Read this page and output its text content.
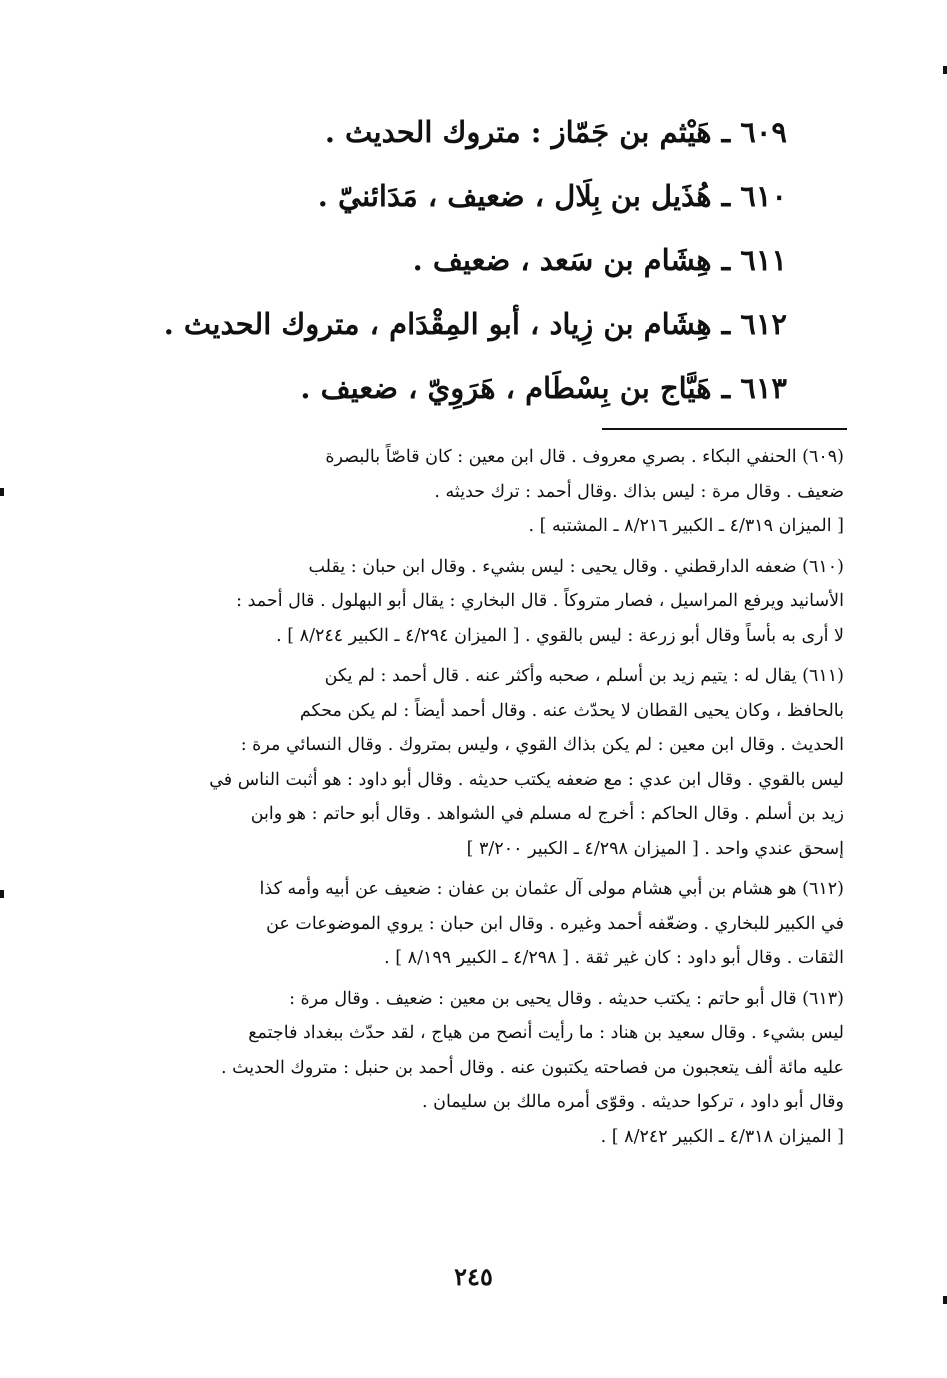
٦٠٩ ـ هَيْثم بن جَمّاز : متروك الحديث .
٦١٠ ـ هُذَيل بن بِلَال ، ضعيف ، مَدَائنيّ .
٦١١ ـ هِشَام بن سَعد ، ضعيف .
٦١٢ ـ هِشَام بن زِياد ، أبو المِقْدَام ، متروك الحديث .
٦١٣ ـ هَيَّاج بن بِسْطَام ، هَرَوِيّ ، ضعيف .

(٦٠٩) الحنفي البكاء . بصري معروف . قال ابن معين : كان قاصّاً بالبصرة

ضعيف . وقال مرة : ليس بذاك .وقال أحمد : ترك حديثه .

[ الميزان ٤/٣١٩ ـ الكبير ٨/٢١٦ ـ المشتبه ] .

(٦١٠) ضعفه الدارقطني . وقال يحيى : ليس بشيء . وقال ابن حبان : يقلب

الأسانيد ويرفع المراسيل ، فصار متروكاً . قال البخاري : يقال أبو البهلول . قال أحمد :

لا أرى به بأساً وقال أبو زرعة : ليس بالقوي . [ الميزان ٤/٢٩٤ ـ الكبير ٨/٢٤٤ ] .

(٦١١) يقال له : يتيم زيد بن أسلم ، صحبه وأكثر عنه . قال أحمد : لم يكن

بالحافظ ، وكان يحيى القطان لا يحدّث عنه . وقال أحمد أيضاً : لم يكن محكم

الحديث . وقال ابن معين : لم يكن بذاك القوي ، وليس بمتروك . وقال النسائي مرة :

ليس بالقوي . وقال ابن عدي : مع ضعفه يكتب حديثه . وقال أبو داود : هو أثبت الناس في

زيد بن أسلم . وقال الحاكم : أخرج له مسلم في الشواهد . وقال أبو حاتم : هو وابن

إسحق عندي واحد . [ الميزان ٤/٢٩٨ ـ الكبير ٣/٢٠٠ ]

(٦١٢) هو هشام بن أبي هشام مولى آل عثمان بن عفان : ضعيف عن أبيه وأمه كذا

في الكبير للبخاري . وضعّفه أحمد وغيره . وقال ابن حبان : يروي الموضوعات عن

الثقات . وقال أبو داود : كان غير ثقة . [ ٤/٢٩٨ ـ الكبير ٨/١٩٩ ] .

(٦١٣) قال أبو حاتم : يكتب حديثه . وقال يحيى بن معين : ضعيف . وقال مرة :

ليس بشيء . وقال سعيد بن هناد : ما رأيت أنصح من هياج ، لقد حدّث ببغداد فاجتمع

عليه مائة ألف يتعجبون من فصاحته يكتبون عنه . وقال أحمد بن حنبل : متروك الحديث .

وقال أبو داود ، تركوا حديثه . وقوّى أمره مالك بن سليمان .

[ الميزان ٤/٣١٨ ـ الكبير ٨/٢٤٢ ] .

٢٤٥
